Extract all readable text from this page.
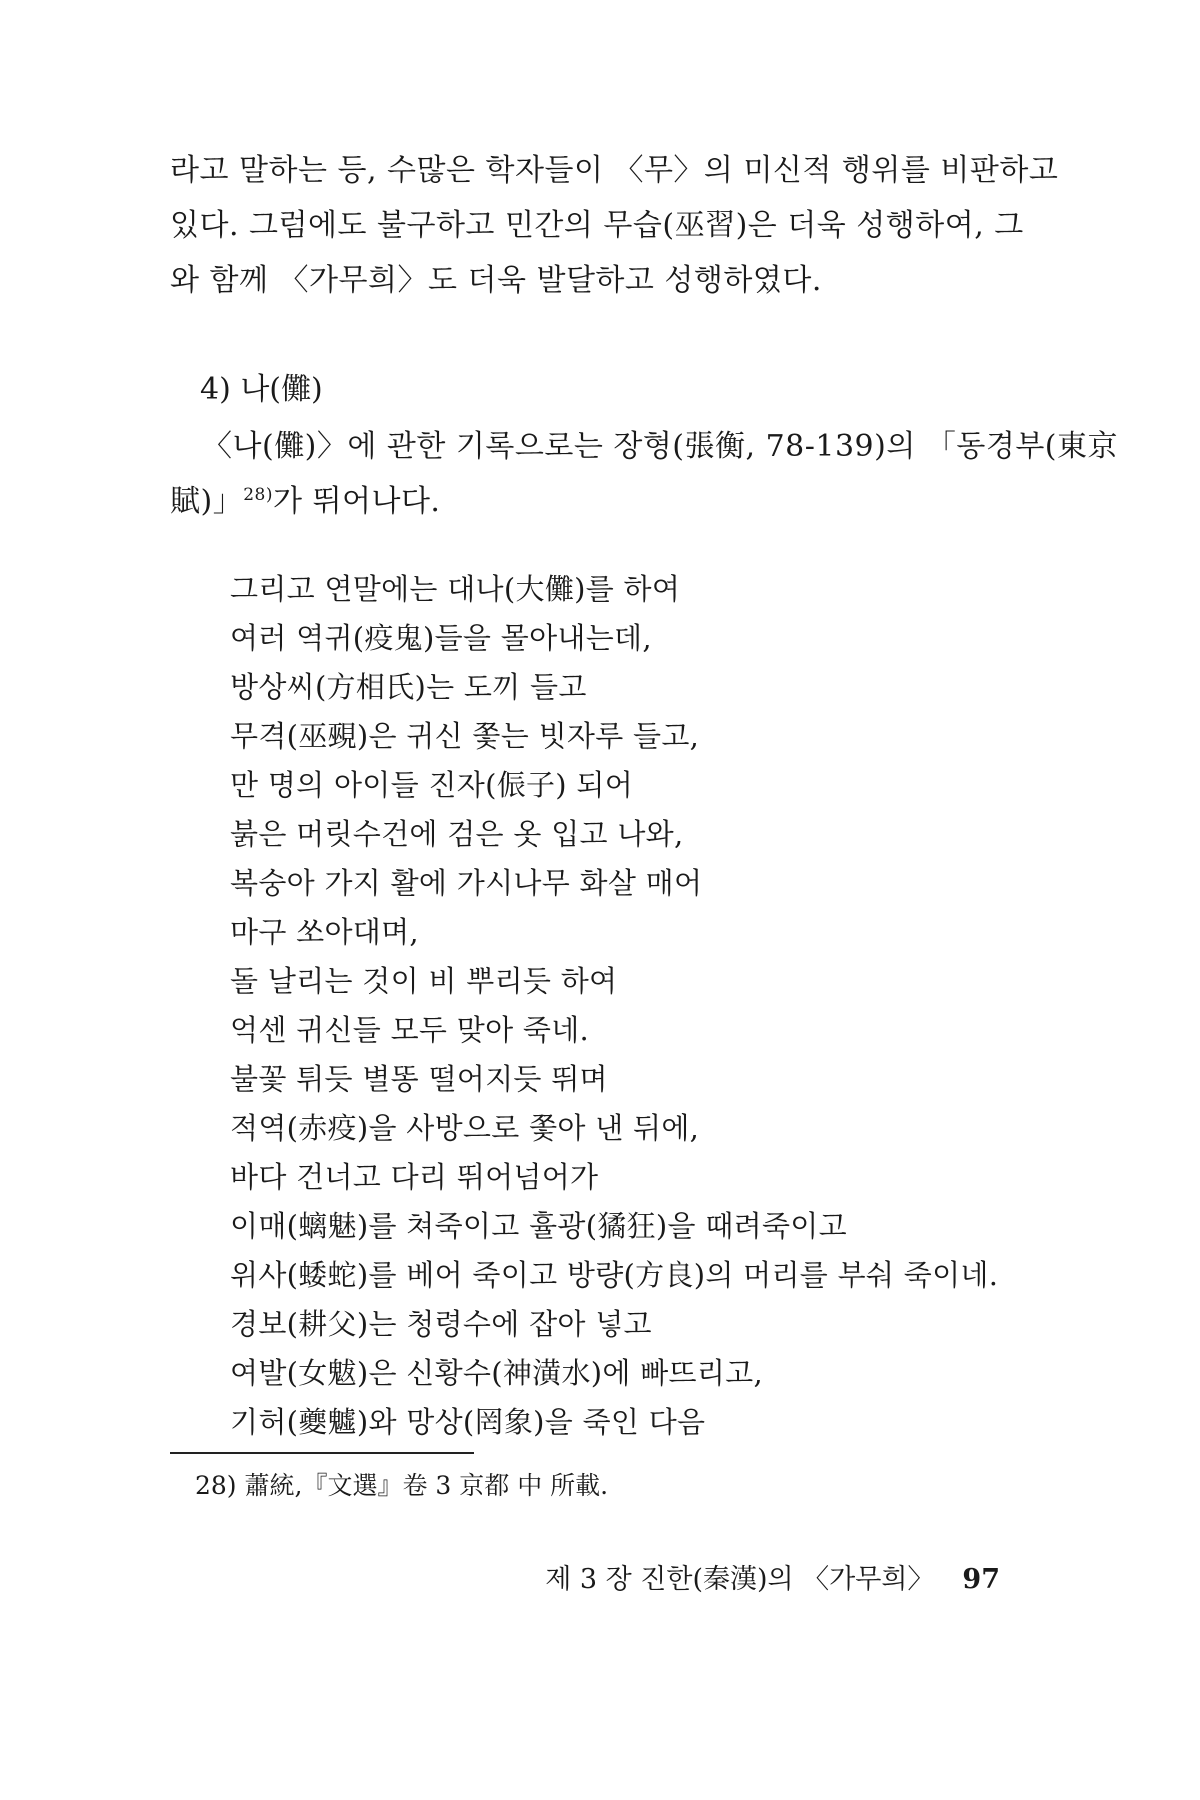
라고 말하는 등, 수많은 학자들이 〈무〉의 미신적 행위를 비판하고

있다. 그럼에도 불구하고 민간의 무습(巫習)은 더욱 성행하여, 그

와 함께 〈가무희〉도 더욱 발달하고 성행하였다.

4) 나(儺)

〈나(儺)〉에 관한 기록으로는 장형(張衡, 78-139)의 「동경부(東京

賦)」$^{28)}$가 뛰어나다.

그리고 연말에는 대나(大儺)를 하여
여러 역귀(疫鬼)들을 몰아내는데,
방상씨(方相氏)는 도끼 들고
무격(巫覡)은 귀신 쫓는 빗자루 들고,
만 명의 아이들 진자(侲子) 되어
붉은 머릿수건에 검은 옷 입고 나와,
복숭아 가지 활에 가시나무 화살 매어
마구 쏘아대며,
돌 날리는 것이 비 뿌리듯 하여
억센 귀신들 모두 맞아 죽네.
불꽃 튀듯 별똥 떨어지듯 뛰며
적역(赤疫)을 사방으로 쫓아 낸 뒤에,
바다 건너고 다리 뛰어넘어가
이매(螭魅)를 쳐죽이고 휼광(獝狂)을 때려죽이고
위사(蜲蛇)를 베어 죽이고 방량(方良)의 머리를 부숴 죽이네.
경보(耕父)는 청령수에 잡아 넣고
여발(女魃)은 신황수(神潢水)에 빠뜨리고,
기허(夔魖)와 망상(罔象)을 죽인 다음
28) 蕭統,『文選』卷 3 京都 中 所載.
제 3 장 진한(秦漢)의 〈가무희〉 97
